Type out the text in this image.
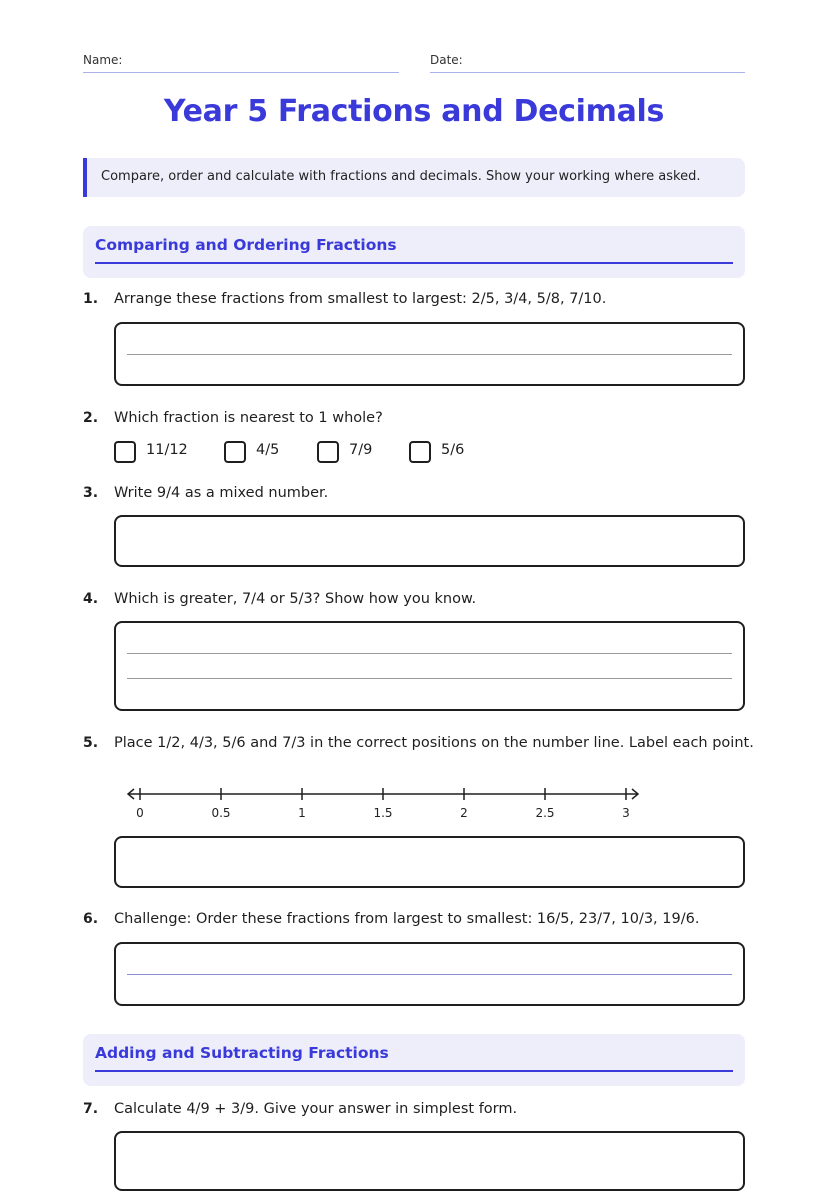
Name:	Date:
Year 5 Fractions and Decimals
Compare, order and calculate with fractions and decimals. Show your working where asked.
Comparing and Ordering Fractions
1. Arrange these fractions from smallest to largest: 2/5, 3/4, 5/8, 7/10.
2. Which fraction is nearest to 1 whole?
11/12	4/5	7/9	5/6
3. Write 9/4 as a mixed number.
4. Which is greater, 7/4 or 5/3? Show how you know.
5. Place 1/2, 4/3, 5/6 and 7/3 in the correct positions on the number line. Label each point.
0	0.5	1	1.5	2	2.5	3
6. Challenge: Order these fractions from largest to smallest: 16/5, 23/7, 10/3, 19/6.
Adding and Subtracting Fractions
7. Calculate 4/9 + 3/9. Give your answer in simplest form.
